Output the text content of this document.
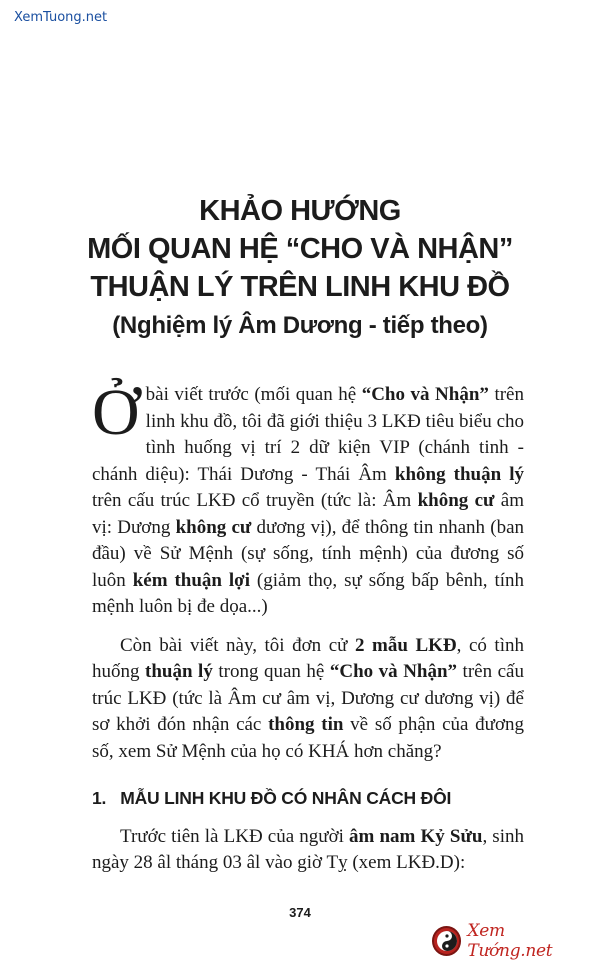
XemTuong.net
KHẢO HƯỚNG
MỐI QUAN HỆ “CHO VÀ NHẬN”
THUẬN LÝ TRÊN LINH KHU ĐỒ
(Nghiệm lý Âm Dương - tiếp theo)

Ởbài viết trước (mối quan hệ “Cho và Nhận” trên linh khu đồ, tôi đã giới thiệu 3 LKĐ tiêu biểu cho tình huống vị trí 2 dữ kiện VIP (chánh tinh - chánh diệu): Thái Dương - Thái Âm không thuận lý trên cấu trúc LKĐ cổ truyền (tức là: Âm không cư âm vị: Dương không cư dương vị), để thông tin nhanh (ban đầu) về Sử Mệnh (sự sống, tính mệnh) của đương số luôn kém thuận lợi (giảm thọ, sự sống bấp bênh, tính mệnh luôn bị đe dọa...)

Còn bài viết này, tôi đơn cử 2 mẫu LKĐ, có tình huống thuận lý trong quan hệ “Cho và Nhận” trên cấu trúc LKĐ (tức là Âm cư âm vị, Dương cư dương vị) để sơ khởi đón nhận các thông tin về số phận của đương số, xem Sử Mệnh của họ có KHÁ hơn chăng?

1. MẪU LINH KHU ĐỒ CÓ NHÂN CÁCH ĐÔI

Trước tiên là LKĐ của người âm nam Kỷ Sửu, sinh ngày 28 âl tháng 03 âl vào giờ Tỵ (xem LKĐ.D):

374
Xem Tướng.net
